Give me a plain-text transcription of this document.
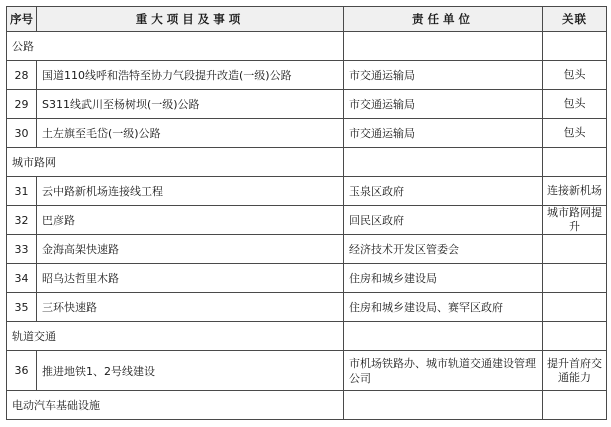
序号	重大项目及事项	责任单位	关联
公路			
28	国道110线呼和浩特至协力气段提升改造(一级)公路	市交通运输局	包头
29	S311线武川至杨树坝(一级)公路	市交通运输局	包头
30	土左旗至毛岱(一级)公路	市交通运输局	包头
城市路网			
31	云中路新机场连接线工程	玉泉区政府	连接新机场
32	巴彦路	回民区政府	城市路网提升
33	金海高架快速路	经济技术开发区管委会	
34	昭乌达哲里木路	住房和城乡建设局	
35	三环快速路	住房和城乡建设局、赛罕区政府	
轨道交通			
36	推进地铁1、2号线建设	市机场铁路办、城市轨道交通建设管理公司	提升首府交通能力
电动汽车基础设施			
